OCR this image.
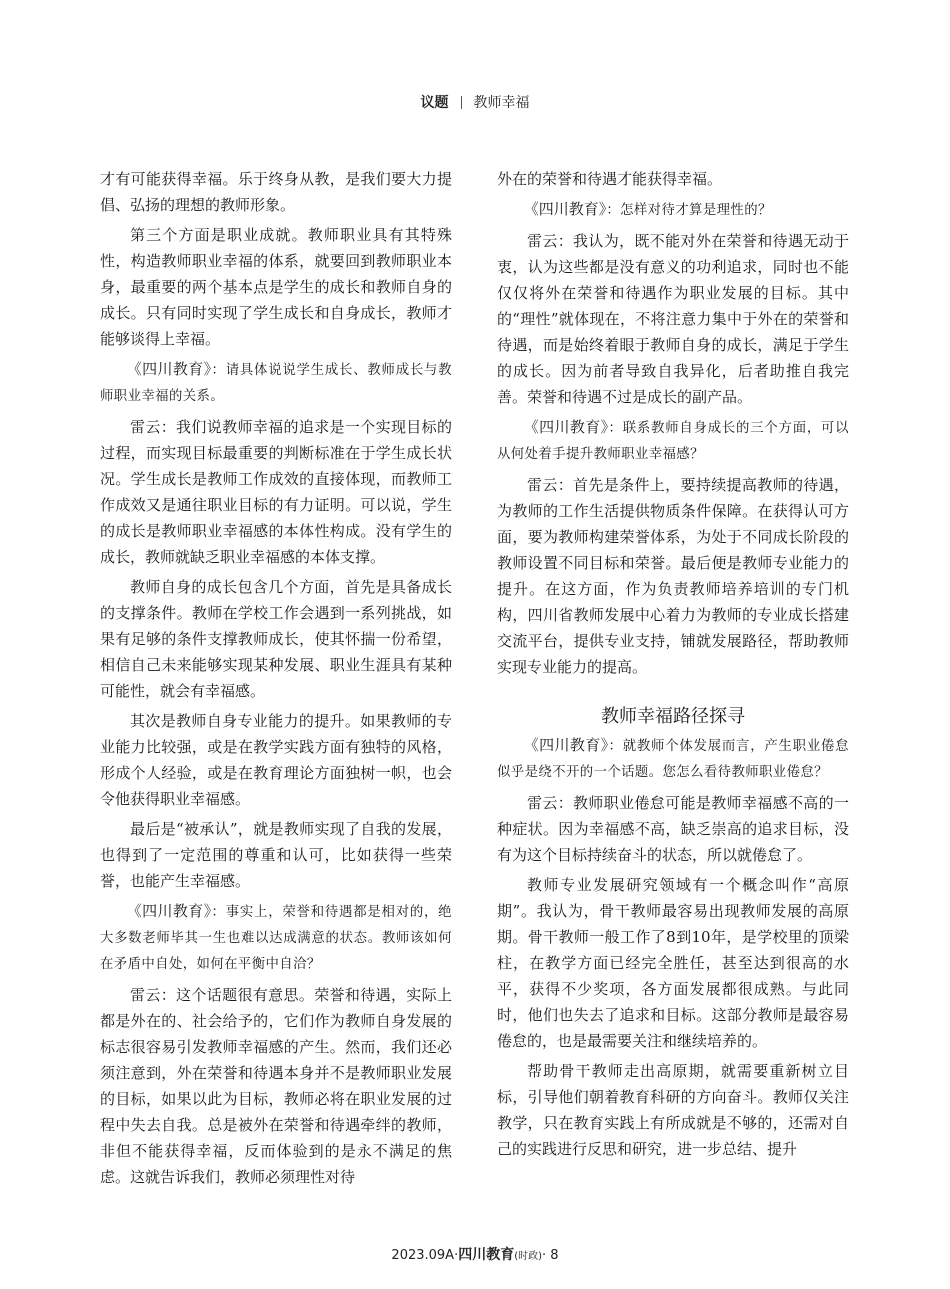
议题 教师幸福

才有可能获得幸福。乐于终身从教，是我们要大力提倡、弘扬的理想的教师形象。

第三个方面是职业成就。教师职业具有其特殊性，构造教师职业幸福的体系，就要回到教师职业本身，最重要的两个基本点是学生的成长和教师自身的成长。只有同时实现了学生成长和自身成长，教师才能够谈得上幸福。

《四川教育》：请具体说说学生成长、教师成长与教师职业幸福的关系。

雷云：我们说教师幸福的追求是一个实现目标的过程，而实现目标最重要的判断标准在于学生成长状况。学生成长是教师工作成效的直接体现，而教师工作成效又是通往职业目标的有力证明。可以说，学生的成长是教师职业幸福感的本体性构成。没有学生的成长，教师就缺乏职业幸福感的本体支撑。

教师自身的成长包含几个方面，首先是具备成长的支撑条件。教师在学校工作会遇到一系列挑战，如果有足够的条件支撑教师成长，使其怀揣一份希望，相信自己未来能够实现某种发展、职业生涯具有某种可能性，就会有幸福感。

其次是教师自身专业能力的提升。如果教师的专业能力比较强，或是在教学实践方面有独特的风格，形成个人经验，或是在教育理论方面独树一帜，也会令他获得职业幸福感。

最后是“被承认”，就是教师实现了自我的发展，也得到了一定范围的尊重和认可，比如获得一些荣誉，也能产生幸福感。

《四川教育》：事实上，荣誉和待遇都是相对的，绝大多数老师毕其一生也难以达成满意的状态。教师该如何在矛盾中自处，如何在平衡中自洽？

雷云：这个话题很有意思。荣誉和待遇，实际上都是外在的、社会给予的，它们作为教师自身发展的标志很容易引发教师幸福感的产生。然而，我们还必须注意到，外在荣誉和待遇本身并不是教师职业发展的目标，如果以此为目标，教师必将在职业发展的过程中失去自我。总是被外在荣誉和待遇牵绊的教师，非但不能获得幸福，反而体验到的是永不满足的焦虑。这就告诉我们，教师必须理性对待

外在的荣誉和待遇才能获得幸福。

《四川教育》：怎样对待才算是理性的？

雷云：我认为，既不能对外在荣誉和待遇无动于衷，认为这些都是没有意义的功利追求，同时也不能仅仅将外在荣誉和待遇作为职业发展的目标。其中的“理性”就体现在，不将注意力集中于外在的荣誉和待遇，而是始终着眼于教师自身的成长，满足于学生的成长。因为前者导致自我异化，后者助推自我完善。荣誉和待遇不过是成长的副产品。

《四川教育》：联系教师自身成长的三个方面，可以从何处着手提升教师职业幸福感？

雷云：首先是条件上，要持续提高教师的待遇，为教师的工作生活提供物质条件保障。在获得认可方面，要为教师构建荣誉体系，为处于不同成长阶段的教师设置不同目标和荣誉。最后便是教师专业能力的提升。在这方面，作为负责教师培养培训的专门机构，四川省教师发展中心着力为教师的专业成长搭建交流平台，提供专业支持，铺就发展路径，帮助教师实现专业能力的提高。

教师幸福路径探寻

《四川教育》：就教师个体发展而言，产生职业倦怠似乎是绕不开的一个话题。您怎么看待教师职业倦怠？

雷云：教师职业倦怠可能是教师幸福感不高的一种症状。因为幸福感不高，缺乏崇高的追求目标，没有为这个目标持续奋斗的状态，所以就倦怠了。

教师专业发展研究领域有一个概念叫作“高原期”。我认为，骨干教师最容易出现教师发展的高原期。骨干教师一般工作了8到10年，是学校里的顶梁柱，在教学方面已经完全胜任，甚至达到很高的水平，获得不少奖项，各方面发展都很成熟。与此同时，他们也失去了追求和目标。这部分教师是最容易倦怠的，也是最需要关注和继续培养的。

帮助骨干教师走出高原期，就需要重新树立目标，引导他们朝着教育科研的方向奋斗。教师仅关注教学，只在教育实践上有所成就是不够的，还需对自己的实践进行反思和研究，进一步总结、提升

2023.09A·四川教育(时政)· 8
